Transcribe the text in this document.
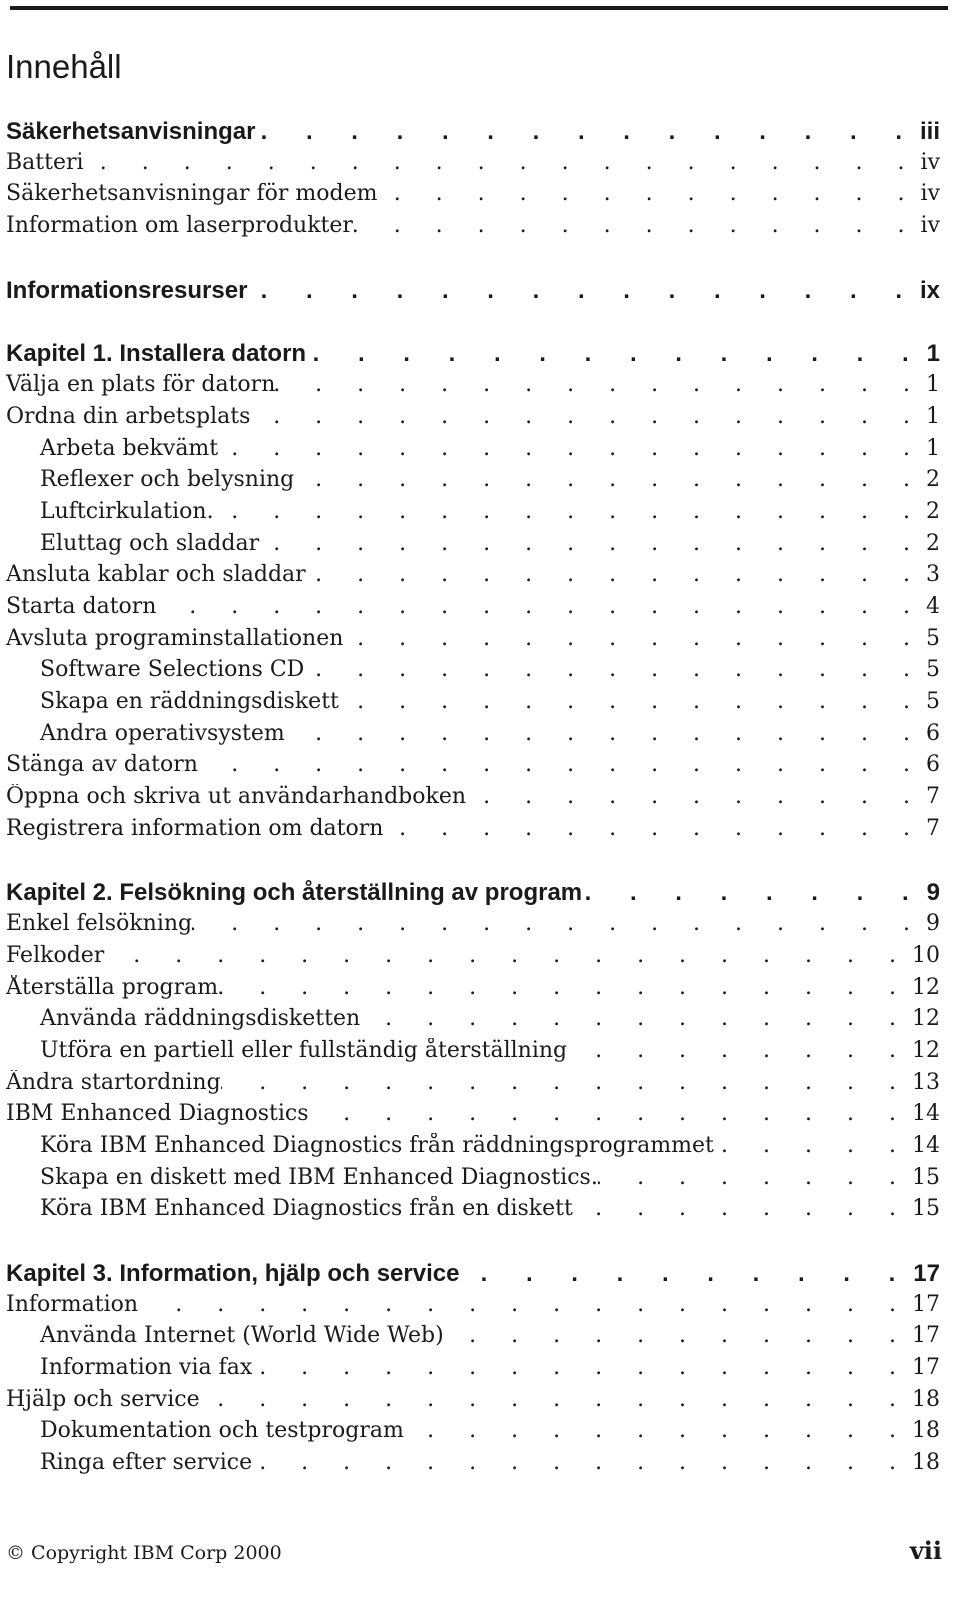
Innehåll
Säkerhetsanvisningar . . .	iii
Batteri . . .	iv
Säkerhetsanvisningar för modem . . .	iv
Information om laserprodukter . . .	iv
Informationsresurser . . .	ix
Kapitel 1. Installera datorn . . .	1
Välja en plats för datorn . . .	1
Ordna din arbetsplats . . .	1
Arbeta bekvämt . . .	1
Reflexer och belysning . . .	2
Luftcirkulation. . . .	2
Eluttag och sladdar . . .	2
Ansluta kablar och sladdar . . .	3
Starta datorn . . .	4
Avsluta programinstallationen . . .	5
Software Selections CD . . .	5
Skapa en räddningsdiskett . . .	5
Andra operativsystem . . .	6
Stänga av datorn . . .	6
Öppna och skriva ut användarhandboken . . .	7
Registrera information om datorn . . .	7
Kapitel 2. Felsökning och återställning av program . . .	9
Enkel felsökning . . .	9
Felkoder . . .	10
Återställa program . . .	12
Använda räddningsdisketten . . .	12
Utföra en partiell eller fullständig återställning . . .	12
Ändra startordning . . .	13
IBM Enhanced Diagnostics . . .	14
Köra IBM Enhanced Diagnostics från räddningsprogrammet . . .	14
Skapa en diskett med IBM Enhanced Diagnostics. . . .	15
Köra IBM Enhanced Diagnostics från en diskett . . .	15
Kapitel 3. Information, hjälp och service . . .	17
Information . . .	17
Använda Internet (World Wide Web) . . .	17
Information via fax . . .	17
Hjälp och service . . .	18
Dokumentation och testprogram . . .	18
Ringa efter service . . .	18
© Copyright IBM Corp 2000	vii
